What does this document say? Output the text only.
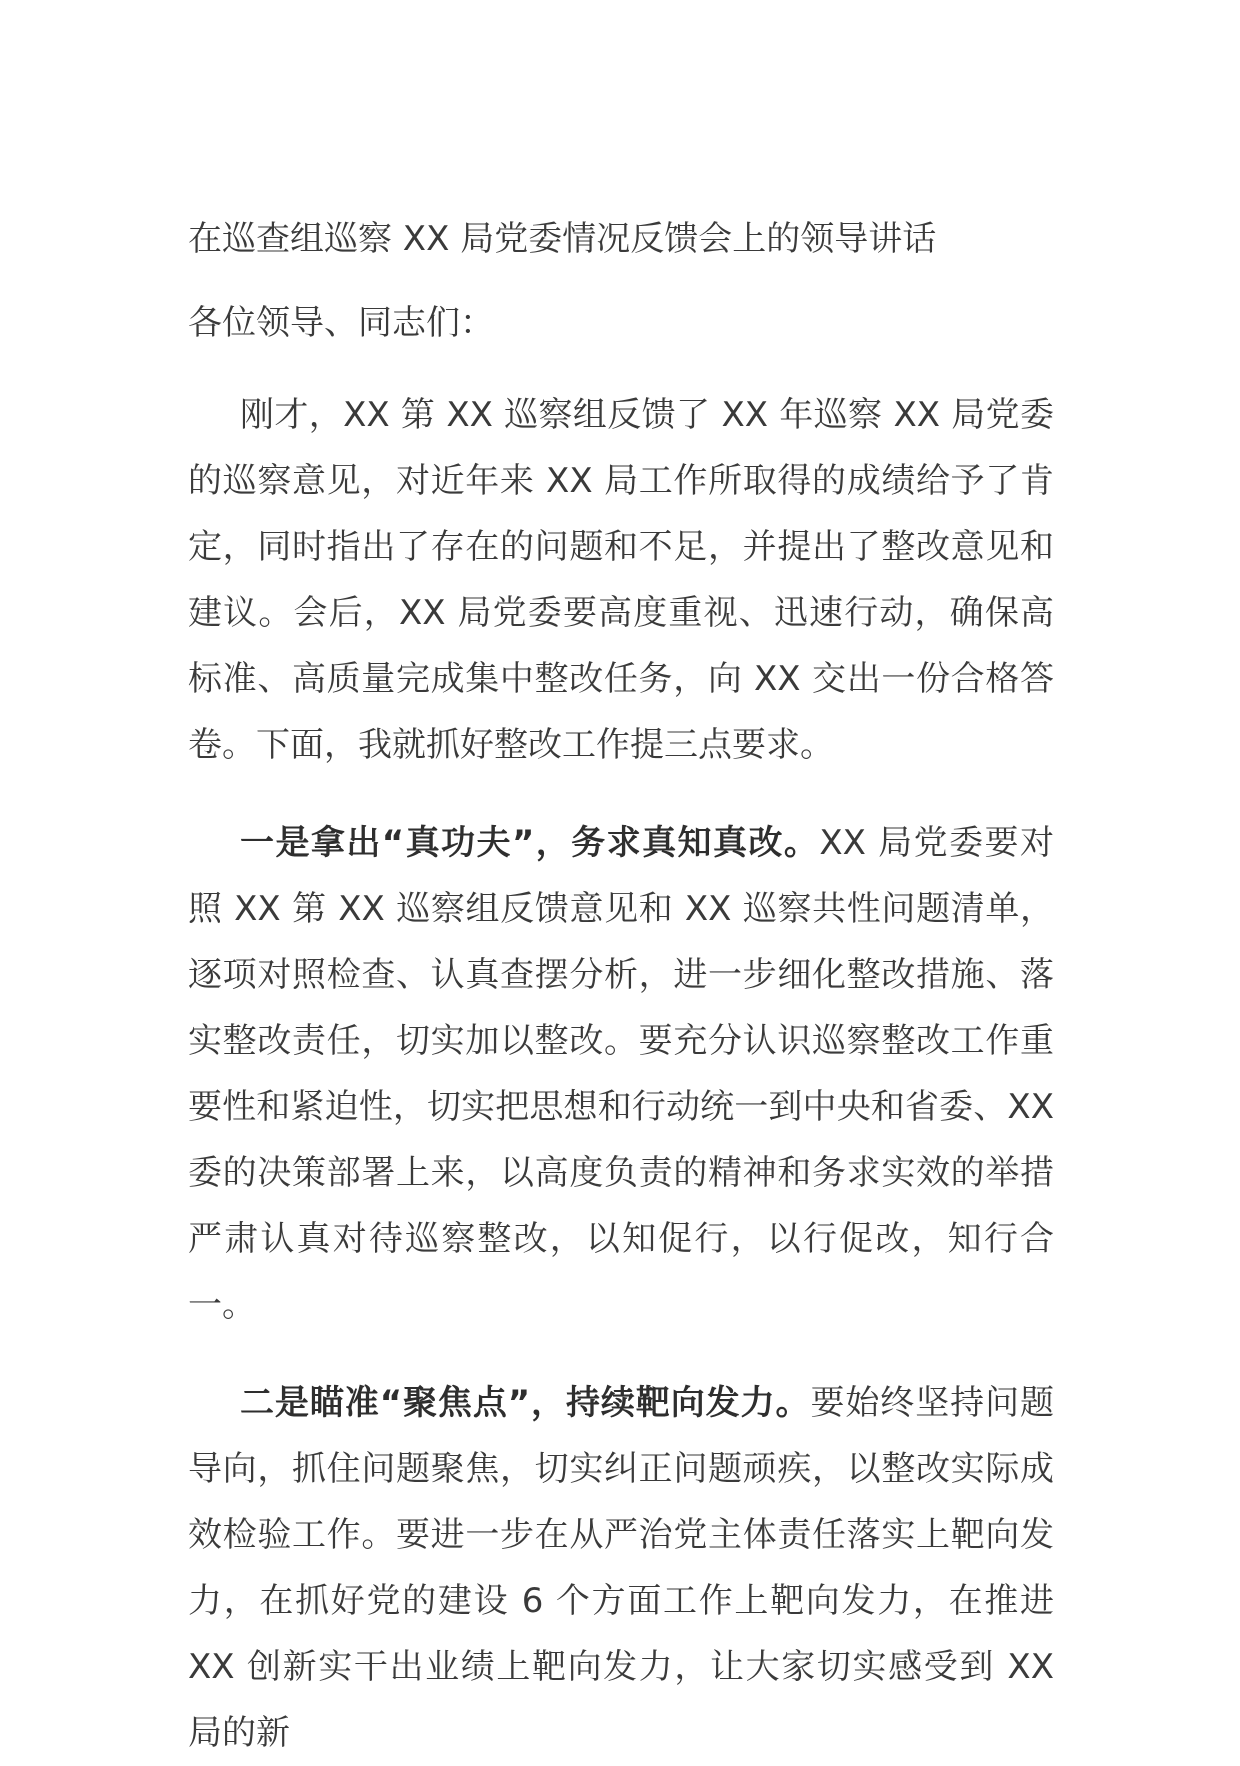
在巡查组巡察 XX 局党委情况反馈会上的领导讲话

各位领导、同志们：

刚才，XX 第 XX 巡察组反馈了 XX 年巡察 XX 局党委的巡察意见，对近年来 XX 局工作所取得的成绩给予了肯定，同时指出了存在的问题和不足，并提出了整改意见和建议。会后，XX 局党委要高度重视、迅速行动，确保高标准、高质量完成集中整改任务，向 XX 交出一份合格答卷。下面，我就抓好整改工作提三点要求。

一是拿出“真功夫”，务求真知真改。XX 局党委要对照 XX 第 XX 巡察组反馈意见和 XX 巡察共性问题清单，逐项对照检查、认真查摆分析，进一步细化整改措施、落实整改责任，切实加以整改。要充分认识巡察整改工作重要性和紧迫性，切实把思想和行动统一到中央和省委、XX 委的决策部署上来，以高度负责的精神和务求实效的举措严肃认真对待巡察整改，以知促行，以行促改，知行合一。

二是瞄准“聚焦点”，持续靶向发力。要始终坚持问题导向，抓住问题聚焦，切实纠正问题顽疾，以整改实际成效检验工作。要进一步在从严治党主体责任落实上靶向发力，在抓好党的建设 6 个方面工作上靶向发力，在推进 XX 创新实干出业绩上靶向发力，让大家切实感受到 XX 局的新
